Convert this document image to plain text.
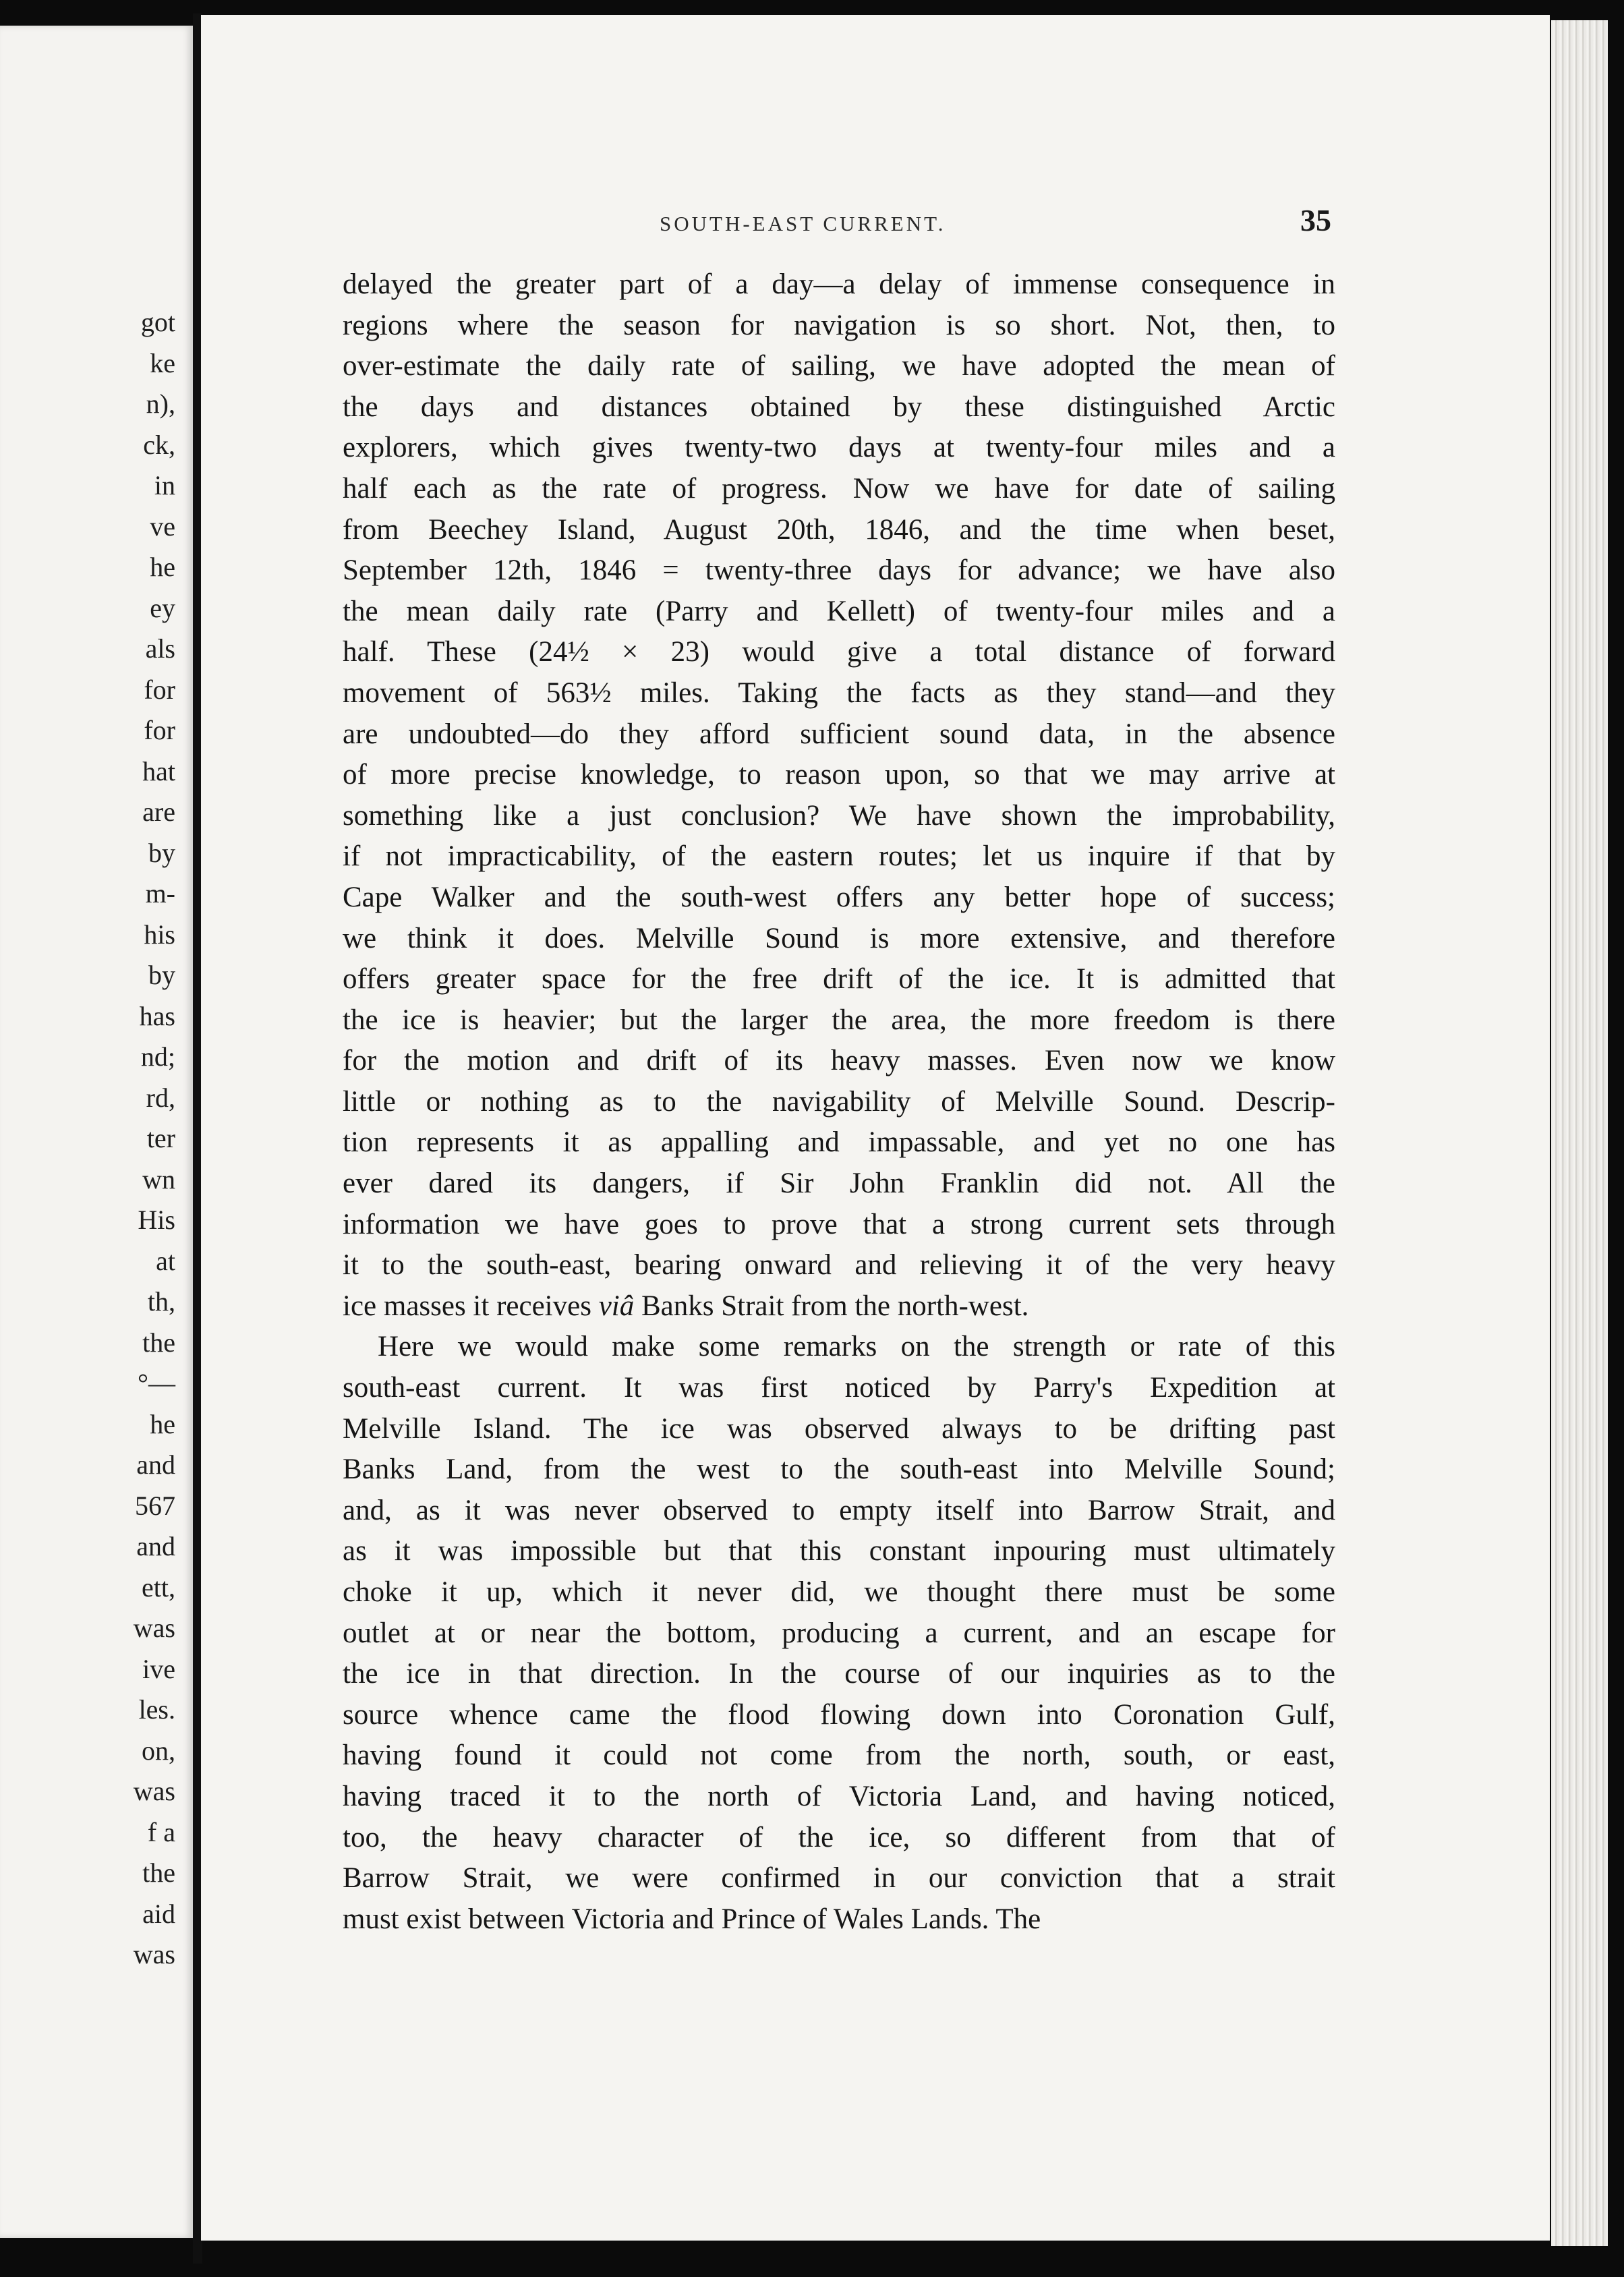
got
ke
n),
ck,
in
ve
he
ey
als
for
for
hat
are
by
m-
his
by
has
nd;
rd,
ter
wn
His
at
th,
the
°—
he
and
567
and
ett,
was
ive
les.
on,
was
f a
the
aid
was
SOUTH-EAST CURRENT.	35
delayed the greater part of a day—a delay of immense consequence in
regions where the season for navigation is so short. Not, then, to
over-estimate the daily rate of sailing, we have adopted the mean of
the days and distances obtained by these distinguished Arctic
explorers, which gives twenty-two days at twenty-four miles and a
half each as the rate of progress. Now we have for date of sailing
from Beechey Island, August 20th, 1846, and the time when beset,
September 12th, 1846 = twenty-three days for advance; we have also
the mean daily rate (Parry and Kellett) of twenty-four miles and a
half. These (24½ × 23) would give a total distance of forward
movement of 563½ miles. Taking the facts as they stand—and they
are undoubted—do they afford sufficient sound data, in the absence
of more precise knowledge, to reason upon, so that we may arrive at
something like a just conclusion? We have shown the improbability,
if not impracticability, of the eastern routes; let us inquire if that by
Cape Walker and the south-west offers any better hope of success;
we think it does. Melville Sound is more extensive, and therefore
offers greater space for the free drift of the ice. It is admitted that
the ice is heavier; but the larger the area, the more freedom is there
for the motion and drift of its heavy masses. Even now we know
little or nothing as to the navigability of Melville Sound. Descrip-
tion represents it as appalling and impassable, and yet no one has
ever dared its dangers, if Sir John Franklin did not. All the
information we have goes to prove that a strong current sets through
it to the south-east, bearing onward and relieving it of the very heavy
ice masses it receives viâ Banks Strait from the north-west.
Here we would make some remarks on the strength or rate of this
south-east current. It was first noticed by Parry's Expedition at
Melville Island. The ice was observed always to be drifting past
Banks Land, from the west to the south-east into Melville Sound;
and, as it was never observed to empty itself into Barrow Strait, and
as it was impossible but that this constant inpouring must ultimately
choke it up, which it never did, we thought there must be some
outlet at or near the bottom, producing a current, and an escape for
the ice in that direction. In the course of our inquiries as to the
source whence came the flood flowing down into Coronation Gulf,
having found it could not come from the north, south, or east,
having traced it to the north of Victoria Land, and having noticed,
too, the heavy character of the ice, so different from that of
Barrow Strait, we were confirmed in our conviction that a strait
must exist between Victoria and Prince of Wales Lands. The
